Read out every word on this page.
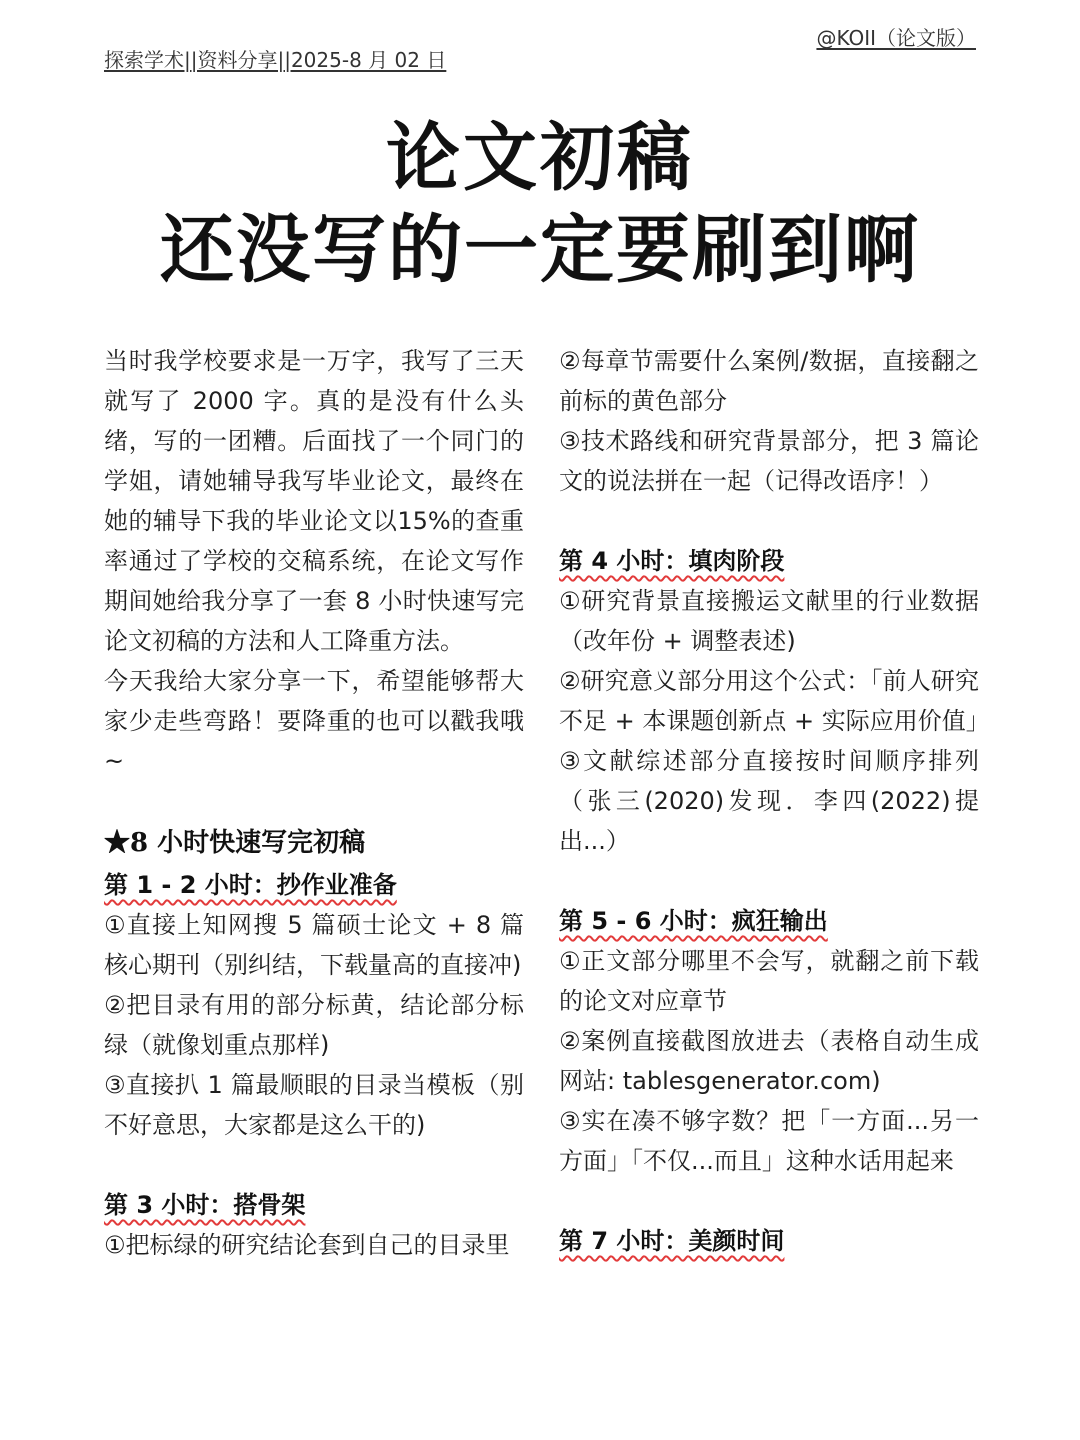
探索学术||资料分享||2025-8 月 02 日
@KOII（论文版）
论文初稿
还没写的一定要刷到啊

当时我学校要求是一万字，我写了三天就写了 2000 字。真的是没有什么头绪，写的一团糟。后面找了一个同门的学姐，请她辅导我写毕业论文，最终在她的辅导下我的毕业论文以15%的查重率通过了学校的交稿系统，在论文写作期间她给我分享了一套 8 小时快速写完论文初稿的方法和人工降重方法。

今天我给大家分享一下，希望能够帮大家少走些弯路！要降重的也可以戳我哦~

★8 小时快速写完初稿

第 1 - 2 小时：抄作业准备

①直接上知网搜 5 篇硕士论文 + 8 篇核心期刊（别纠结，下载量高的直接冲)

②把目录有用的部分标黄，结论部分标绿（就像划重点那样)

③直接扒 1 篇最顺眼的目录当模板（别不好意思，大家都是这么干的)

第 3 小时：搭骨架

①把标绿的研究结论套到自己的目录里

②每章节需要什么案例/数据，直接翻之前标的黄色部分

③技术路线和研究背景部分，把 3 篇论文的说法拼在一起（记得改语序！）

第 4 小时：填肉阶段

①研究背景直接搬运文献里的行业数据（改年份 + 调整表述)

②研究意义部分用这个公式：「前人研究不足 + 本课题创新点 + 实际应用价值」

③文献综述部分直接按时间顺序排列（张三(2020)发现．李四(2022)提出...）

第 5 - 6 小时：疯狂输出

①正文部分哪里不会写，就翻之前下载的论文对应章节

②案例直接截图放进去（表格自动生成网站: tablesgenerator.com)

③实在凑不够字数？把「一方面...另一方面」「不仅...而且」这种水话用起来

第 7 小时：美颜时间
